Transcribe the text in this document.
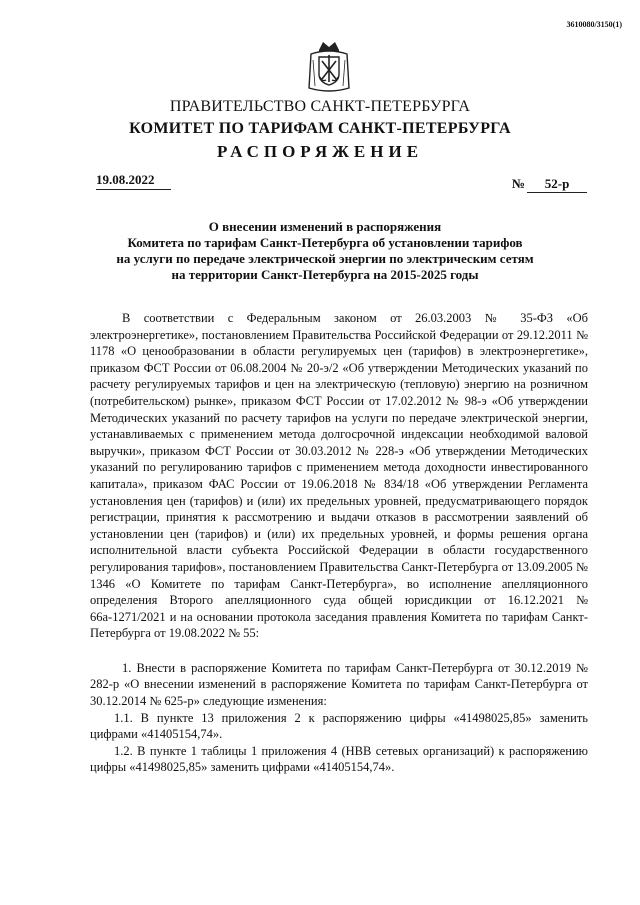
3610080/3150(1)
ПРАВИТЕЛЬСТВО САНКТ-ПЕТЕРБУРГА
КОМИТЕТ ПО ТАРИФАМ САНКТ-ПЕТЕРБУРГА
РАСПОРЯЖЕНИЕ
19.08.2022	№ 52-р
О внесении изменений в распоряжения
Комитета по тарифам Санкт-Петербурга об установлении тарифов
на услуги по передаче электрической энергии по электрическим сетям
на территории Санкт-Петербурга на 2015-2025 годы

В соответствии с Федеральным законом от 26.03.2003 № 35-ФЗ «Об электроэнергетике», постановлением Правительства Российской Федерации от 29.12.2011 № 1178 «О ценообразовании в области регулируемых цен (тарифов) в электроэнергетике», приказом ФСТ России от 06.08.2004 № 20-э/2 «Об утверждении Методических указаний по расчету регулируемых тарифов и цен на электрическую (тепловую) энергию на розничном (потребительском) рынке», приказом ФСТ России от 17.02.2012 № 98-э «Об утверждении Методических указаний по расчету тарифов на услуги по передаче электрической энергии, устанавливаемых с применением метода долгосрочной индексации необходимой валовой выручки», приказом ФСТ России от 30.03.2012 № 228-э «Об утверждении Методических указаний по регулированию тарифов с применением метода доходности инвестированного капитала», приказом ФАС России от 19.06.2018 № 834/18 «Об утверждении Регламента установления цен (тарифов) и (или) их предельных уровней, предусматривающего порядок регистрации, принятия к рассмотрению и выдачи отказов в рассмотрении заявлений об установлении цен (тарифов) и (или) их предельных уровней, и формы решения органа исполнительной власти субъекта Российской Федерации в области государственного регулирования тарифов», постановлением Правительства Санкт-Петербурга от 13.09.2005 № 1346 «О Комитете по тарифам Санкт-Петербурга», во исполнение апелляционного определения Второго апелляционного суда общей юрисдикции от 16.12.2021 № 66а-1271/2021 и на основании протокола заседания правления Комитета по тарифам Санкт-Петербурга от 19.08.2022 № 55:

1. Внести в распоряжение Комитета по тарифам Санкт-Петербурга от 30.12.2019 № 282-р «О внесении изменений в распоряжение Комитета по тарифам Санкт-Петербурга от 30.12.2014 № 625-р» следующие изменения:

1.1. В пункте 13 приложения 2 к распоряжению цифры «41498025,85» заменить цифрами «41405154,74».

1.2. В пункте 1 таблицы 1 приложения 4 (НВВ сетевых организаций) к распоряжению цифры «41498025,85» заменить цифрами «41405154,74».
